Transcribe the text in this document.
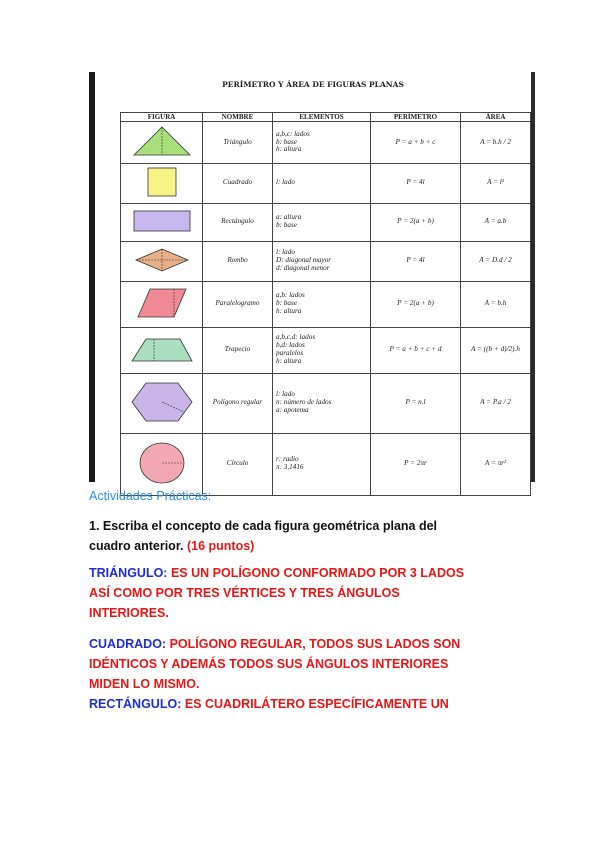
PERÍMETRO Y ÁREA DE FIGURAS PLANAS
FIGURA	NOMBRE	ELEMENTOS	PERÍMETRO	ÁREA
	Triángulo	a,b,c: lados
b: base
h: altura	P = a + b + c	A = b.h / 2
	Cuadrado	l: lado	P = 4l	A = l²
	Rectángulo	a: altura
b: base	P = 2(a + b)	A = a.b
	Rombo	l: lado
D: diagonal mayor
d: diagonal menor	P = 4l	A = D.d / 2
	Paralelogramo	a,b: lados
b: base
h: altura	P = 2(a + b)	A = b.h
	Trapecio	a,b,c,d: lados
b,d: lados
paralelos
h: altura	P = a + b + c + d	A = ((b + d)/2).h
	Polígono regular	l: lado
n: número de lados
a: apotema	P = n.l	A = P.a / 2
	Círculo	r: radio
π: 3,1416	P = 2πr	A = πr²
Actividades Prácticas:
1. Escriba el concepto de cada figura geométrica plana del cuadro anterior. (16 puntos)
TRIÁNGULO: ES UN POLÍGONO CONFORMADO POR 3 LADOS ASÍ COMO POR TRES VÉRTICES Y TRES ÁNGULOS INTERIORES.
CUADRADO: POLÍGONO REGULAR, TODOS SUS LADOS SON IDÉNTICOS Y ADEMÁS TODOS SUS ÁNGULOS INTERIORES MIDEN LO MISMO.
RECTÁNGULO: ES CUADRILÁTERO ESPECÍFICAMENTE UN
